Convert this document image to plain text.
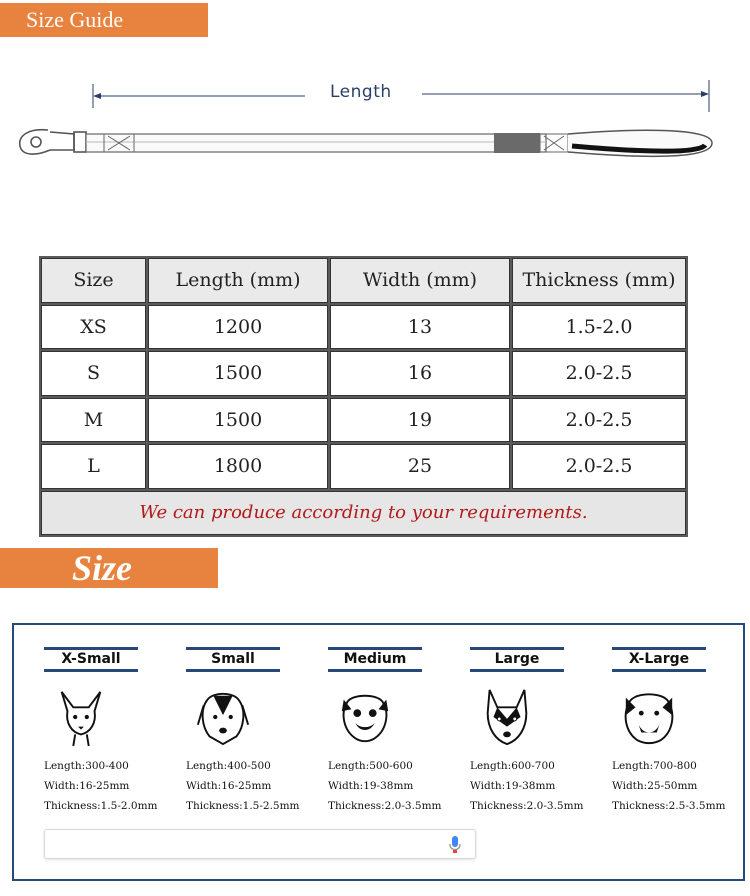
Size Guide
Length
Size	Length (mm)	Width (mm)	Thickness (mm)
XS	1200	13	1.5-2.0
S	1500	16	2.0-2.5
M	1500	19	2.0-2.5
L	1800	25	2.0-2.5
We can produce according to your requirements.			
Size
X-Small
Length:300-400
Width:16-25mm
Thickness:1.5-2.0mm
Small
Length:400-500
Width:16-25mm
Thickness:1.5-2.5mm
Medium
Length:500-600
Width:19-38mm
Thickness:2.0-3.5mm
Large
Length:600-700
Width:19-38mm
Thickness:2.0-3.5mm
X-Large
Length:700-800
Width:25-50mm
Thickness:2.5-3.5mm
